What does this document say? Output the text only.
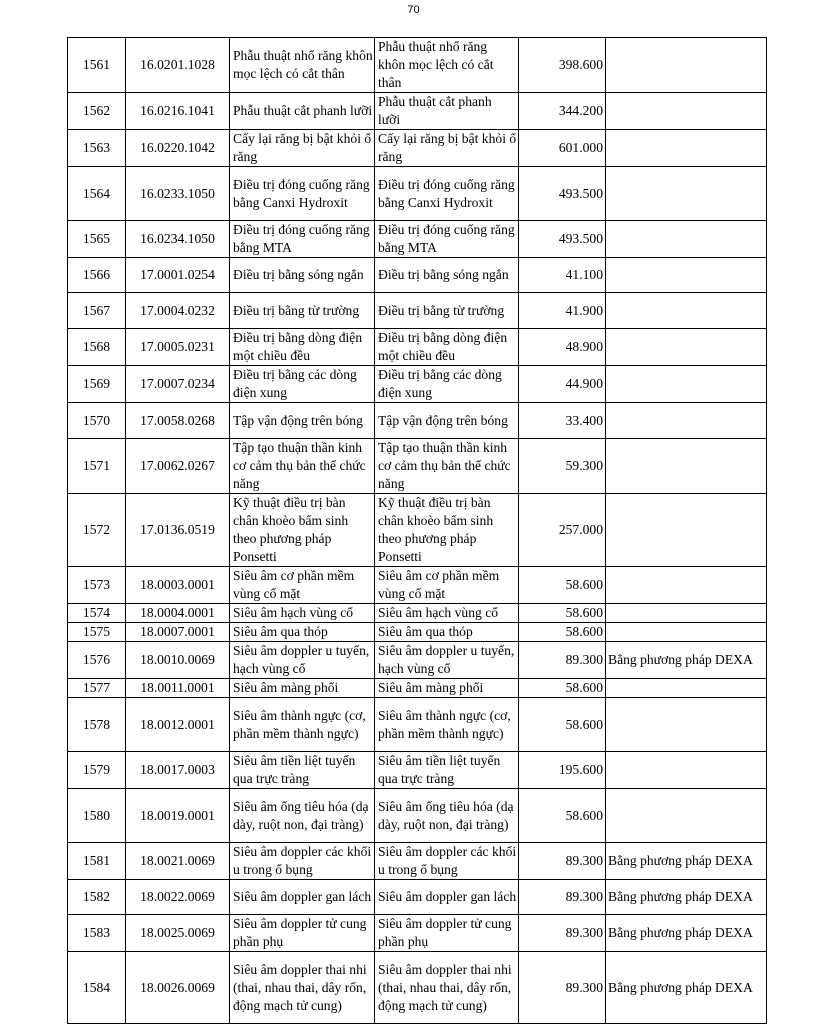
70
1561	16.0201.1028	Phẫu thuật nhổ răng khôn mọc lệch có cắt thân	Phẫu thuật nhổ răng khôn mọc lệch có cắt thân	398.600	
1562	16.0216.1041	Phẫu thuật cắt phanh lưỡi	Phẫu thuật cắt phanh lưỡi	344.200	
1563	16.0220.1042	Cấy lại răng bị bật khỏi ổ răng	Cấy lại răng bị bật khỏi ổ răng	601.000	
1564	16.0233.1050	Điều trị đóng cuống răng bằng Canxi Hydroxit	Điều trị đóng cuống răng bằng Canxi Hydroxit	493.500	
1565	16.0234.1050	Điều trị đóng cuống răng bằng MTA	Điều trị đóng cuống răng bằng MTA	493.500	
1566	17.0001.0254	Điều trị bằng sóng ngắn	Điều trị bằng sóng ngắn	41.100	
1567	17.0004.0232	Điều trị bằng từ trường	Điều trị bằng từ trường	41.900	
1568	17.0005.0231	Điều trị bằng dòng điện một chiều đều	Điều trị bằng dòng điện một chiều đều	48.900	
1569	17.0007.0234	Điều trị bằng các dòng điện xung	Điều trị bằng các dòng điện xung	44.900	
1570	17.0058.0268	Tập vận động trên bóng	Tập vận động trên bóng	33.400	
1571	17.0062.0267	Tập tạo thuận thần kinh cơ cảm thụ bản thể chức năng	Tập tạo thuận thần kinh cơ cảm thụ bản thể chức năng	59.300	
1572	17.0136.0519	Kỹ thuật điều trị bàn chân khoèo bẩm sinh theo phương pháp Ponsetti	Kỹ thuật điều trị bàn chân khoèo bẩm sinh theo phương pháp Ponsetti	257.000	
1573	18.0003.0001	Siêu âm cơ phần mềm vùng cổ mặt	Siêu âm cơ phần mềm vùng cổ mặt	58.600	
1574	18.0004.0001	Siêu âm hạch vùng cổ	Siêu âm hạch vùng cổ	58.600	
1575	18.0007.0001	Siêu âm qua thóp	Siêu âm qua thóp	58.600	
1576	18.0010.0069	Siêu âm doppler u tuyến, hạch vùng cổ	Siêu âm doppler u tuyến, hạch vùng cổ	89.300	Bằng phương pháp DEXA
1577	18.0011.0001	Siêu âm màng phổi	Siêu âm màng phổi	58.600	
1578	18.0012.0001	Siêu âm thành ngực (cơ, phần mềm thành ngực)	Siêu âm thành ngực (cơ, phần mềm thành ngực)	58.600	
1579	18.0017.0003	Siêu âm tiền liệt tuyến qua trực tràng	Siêu âm tiền liệt tuyến qua trực tràng	195.600	
1580	18.0019.0001	Siêu âm ống tiêu hóa (dạ dày, ruột non, đại tràng)	Siêu âm ống tiêu hóa (dạ dày, ruột non, đại tràng)	58.600	
1581	18.0021.0069	Siêu âm doppler các khối u trong ổ bụng	Siêu âm doppler các khối u trong ổ bụng	89.300	Bằng phương pháp DEXA
1582	18.0022.0069	Siêu âm doppler gan lách	Siêu âm doppler gan lách	89.300	Bằng phương pháp DEXA
1583	18.0025.0069	Siêu âm doppler tử cung phần phụ	Siêu âm doppler tử cung phần phụ	89.300	Bằng phương pháp DEXA
1584	18.0026.0069	Siêu âm doppler thai nhi (thai, nhau thai, dây rốn, động mạch tử cung)	Siêu âm doppler thai nhi (thai, nhau thai, dây rốn, động mạch tử cung)	89.300	Bằng phương pháp DEXA
